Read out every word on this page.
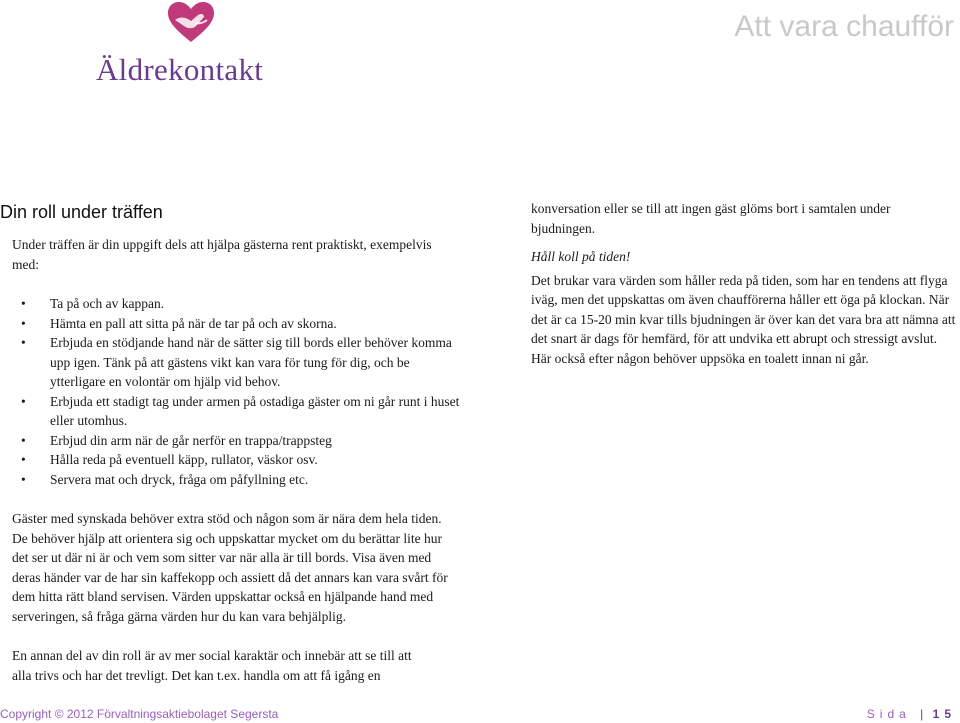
Äldrekontakt
Att vara chaufför
Din roll under träffen

Under träffen är din uppgift dels att hjälpa gästerna rent praktiskt, exempelvis med:

• Ta på och av kappan.
• Hämta en pall att sitta på när de tar på och av skorna.
• Erbjuda en stödjande hand när de sätter sig till bords eller behöver komma upp igen. Tänk på att gästens vikt kan vara för tung för dig, och be ytterligare en volontär om hjälp vid behov.
• Erbjuda ett stadigt tag under armen på ostadiga gäster om ni går runt i huset eller utomhus.
• Erbjud din arm när de går nerför en trappa/trappsteg
• Hålla reda på eventuell käpp, rullator, väskor osv.
• Servera mat och dryck, fråga om påfyllning etc.

Gäster med synskada behöver extra stöd och någon som är nära dem hela tiden. De behöver hjälp att orientera sig och uppskattar mycket om du berättar lite hur det ser ut där ni är och vem som sitter var när alla är till bords. Visa även med deras händer var de har sin kaffekopp och assiett då det annars kan vara svårt för dem hitta rätt bland servisen. Värden uppskattar också en hjälpande hand med serveringen, så fråga gärna värden hur du kan vara behjälplig.

En annan del av din roll är av mer social karaktär och innebär att se till att alla trivs och har det trevligt. Det kan t.ex. handla om att få igång en

konversation eller se till att ingen gäst glöms bort i samtalen under bjudningen.

Håll koll på tiden!

Det brukar vara värden som håller reda på tiden, som har en tendens att flyga iväg, men det uppskattas om även chaufförerna håller ett öga på klockan. När det är ca 15-20 min kvar tills bjudningen är över kan det vara bra att nämna att det snart är dags för hemfärd, för att undvika ett abrupt och stressigt avslut. Här också efter någon behöver uppsöka en toalett innan ni går.

Copyright © 2012 Förvaltningsaktiebolaget Segersta	Sida | 15
